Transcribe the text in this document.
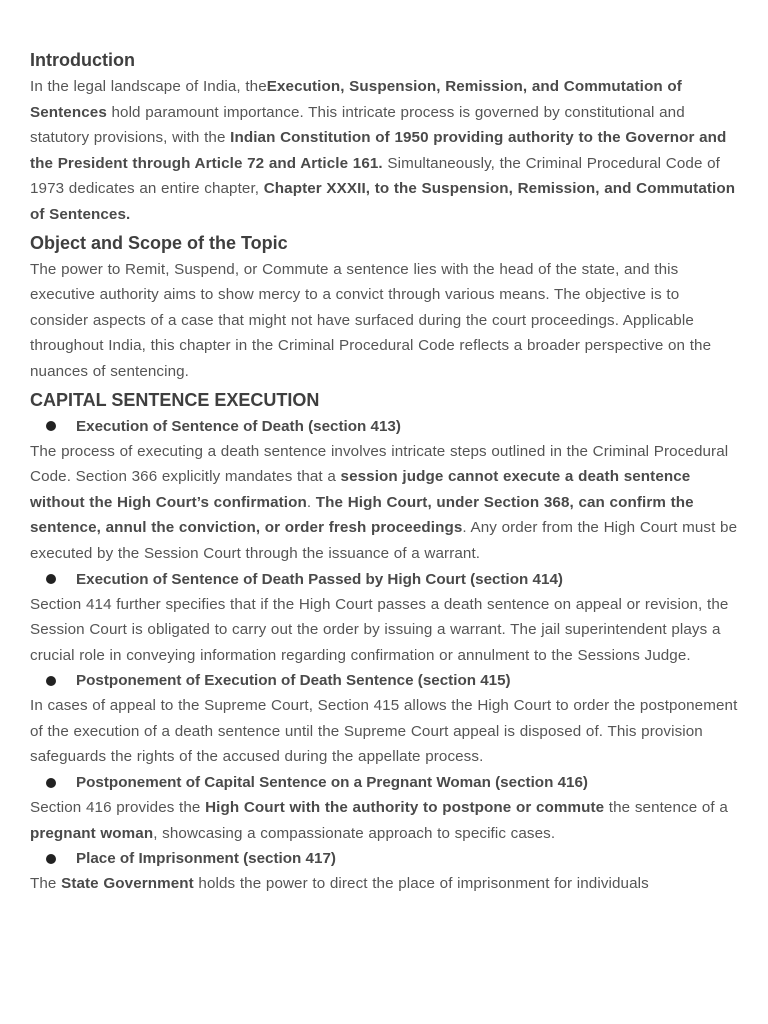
Introduction

In the legal landscape of India, theExecution, Suspension, Remission, and Commutation of Sentences hold paramount importance. This intricate process is governed by constitutional and statutory provisions, with the Indian Constitution of 1950 providing authority to the Governor and the President through Article 72 and Article 161. Simultaneously, the Criminal Procedural Code of 1973 dedicates an entire chapter, Chapter XXXII, to the Suspension, Remission, and Commutation of Sentences.

Object and Scope of the Topic

The power to Remit, Suspend, or Commute a sentence lies with the head of the state, and this executive authority aims to show mercy to a convict through various means. The objective is to consider aspects of a case that might not have surfaced during the court proceedings. Applicable throughout India, this chapter in the Criminal Procedural Code reflects a broader perspective on the nuances of sentencing.

CAPITAL SENTENCE EXECUTION
Execution of Sentence of Death (section 413)

The process of executing a death sentence involves intricate steps outlined in the Criminal Procedural Code. Section 366 explicitly mandates that a session judge cannot execute a death sentence without the High Court’s confirmation. The High Court, under Section 368, can confirm the sentence, annul the conviction, or order fresh proceedings. Any order from the High Court must be executed by the Session Court through the issuance of a warrant.

Execution of Sentence of Death Passed by High Court (section 414)

Section 414 further specifies that if the High Court passes a death sentence on appeal or revision, the Session Court is obligated to carry out the order by issuing a warrant. The jail superintendent plays a crucial role in conveying information regarding confirmation or annulment to the Sessions Judge.

Postponement of Execution of Death Sentence (section 415)

In cases of appeal to the Supreme Court, Section 415 allows the High Court to order the postponement of the execution of a death sentence until the Supreme Court appeal is disposed of. This provision safeguards the rights of the accused during the appellate process.

Postponement of Capital Sentence on a Pregnant Woman (section 416)

Section 416 provides the High Court with the authority to postpone or commute the sentence of a pregnant woman, showcasing a compassionate approach to specific cases.

Place of Imprisonment (section 417)

The State Government holds the power to direct the place of imprisonment for individuals
